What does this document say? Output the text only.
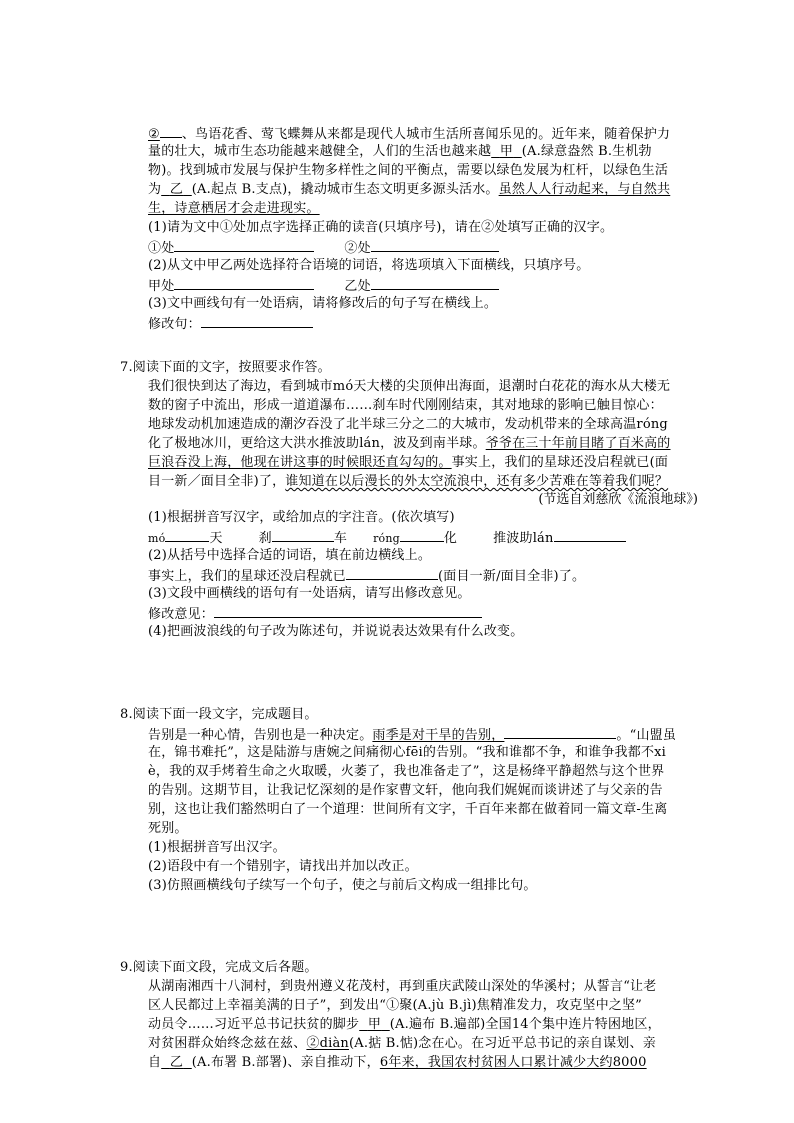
② 、鸟语花香、莺飞蝶舞从来都是现代人城市生活所喜闻乐见的。近年来，随着保护力
量的壮大，城市生态功能越来越健全，人们的生活也越来越 甲 (A.绿意盎然 B.生机勃
物)。找到城市发展与保护生物多样性之间的平衡点，需要以绿色发展为杠杆，以绿色生活
为 乙 (A.起点 B.支点)，撬动城市生态文明更多源头活水。虽然人人行动起来，与自然共
生，诗意栖居才会走进现实。
(1)请为文中①处加点字选择正确的读音(只填序号)，请在②处填写正确的汉字。
①处	②处
(2)从文中甲乙两处选择符合语境的词语，将选项填入下面横线，只填序号。
甲处	乙处
(3)文中画线句有一处语病，请将修改后的句子写在横线上。
修改句：
7.阅读下面的文字，按照要求作答。
我们很快到达了海边，看到城市mó天大楼的尖顶伸出海面，退潮时白花花的海水从大楼无
数的窗子中流出，形成一道道瀑布……刹车时代刚刚结束，其对地球的影响已触目惊心：
地球发动机加速造成的潮汐吞没了北半球三分之二的大城市，发动机带来的全球高温róng
化了极地冰川，更给这大洪水推波助lán，波及到南半球。爷爷在三十年前目睹了百米高的
巨浪吞没上海，他现在讲这事的时候眼还直勾勾的。事实上，我们的星球还没启程就已(面
目一新／面目全非)了，谁知道在以后漫长的外太空流浪中，还有多少苦难在等着我们呢？
(节选自刘慈欣《流浪地球》)
(1)根据拼音写汉字，或给加点的字注音。(依次填写)
mó	天	刹	车 róng	化	推波助lán
(2)从括号中选择合适的词语，填在前边横线上。
事实上，我们的星球还没启程就已	(面目一新/面目全非)了。
(3)文段中画横线的语句有一处语病，请写出修改意见。
修改意见：
(4)把画波浪线的句子改为陈述句，并说说表达效果有什么改变。
8.阅读下面一段文字，完成题目。
告别是一种心情，告别也是一种决定。雨季是对干旱的告别，	。“山盟虽
在，锦书难托”，这是陆游与唐婉之间痛彻心fēi的告别。“我和谁都不争，和谁争我都不xi
è，我的双手烤着生命之火取暖，火萎了，我也准备走了”，这是杨绛平静超然与这个世界
的告别。这期节目，让我记忆深刻的是作家曹文轩，他向我们娓娓而谈讲述了与父亲的告
别，这也让我们豁然明白了一个道理：世间所有文字，千百年来都在做着同一篇文章-生离
死别。
(1)根据拼音写出汉字。
(2)语段中有一个错别字，请找出并加以改正。
(3)仿照画横线句子续写一个句子，使之与前后文构成一组排比句。
9.阅读下面文段，完成文后各题。
从湖南湘西十八洞村，到贵州遵义花茂村，再到重庆武陵山深处的华溪村；从誓言“让老
区人民都过上幸福美满的日子”，到发出“①聚(A.jù B.jì)焦精准发力，攻克坚中之坚”
动员令……习近平总书记扶贫的脚步 甲 (A.遍布 B.遍部)全国14个集中连片特困地区，
对贫困群众始终念兹在兹、②diàn(A.掂 B.惦)念在心。在习近平总书记的亲自谋划、亲
自 乙 (A.布署 B.部署)、亲自推动下，6年来，我国农村贫困人口累计减少大约8000
